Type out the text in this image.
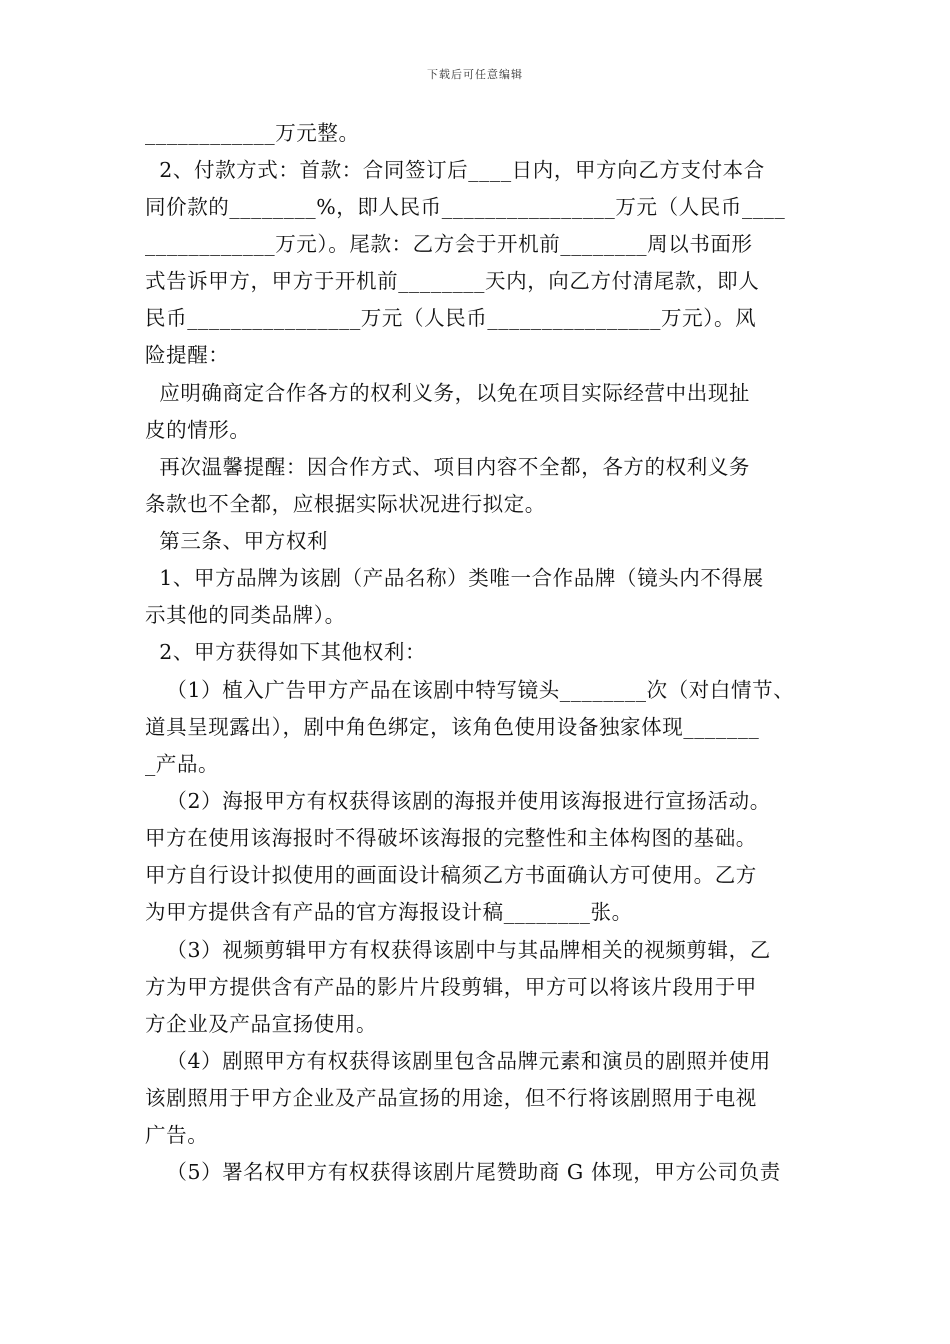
下载后可任意编辑
____________万元整。
2、付款方式：首款：合同签订后____日内，甲方向乙方支付本合
同价款的________%，即人民币________________万元（人民币____
____________万元）。尾款：乙方会于开机前________周以书面形
式告诉甲方，甲方于开机前________天内，向乙方付清尾款，即人
民币________________万元（人民币________________万元）。风
险提醒：
应明确商定合作各方的权利义务，以免在项目实际经营中出现扯
皮的情形。
再次温馨提醒：因合作方式、项目内容不全都，各方的权利义务
条款也不全都，应根据实际状况进行拟定。
第三条、甲方权利
1、甲方品牌为该剧（产品名称）类唯一合作品牌（镜头内不得展
示其他的同类品牌）。
2、甲方获得如下其他权利：
（1）植入广告甲方产品在该剧中特写镜头________次（对白情节、
道具呈现露出），剧中角色绑定，该角色使用设备独家体现_______
_产品。
（2）海报甲方有权获得该剧的海报并使用该海报进行宣扬活动。
甲方在使用该海报时不得破坏该海报的完整性和主体构图的基础。
甲方自行设计拟使用的画面设计稿须乙方书面确认方可使用。乙方
为甲方提供含有产品的官方海报设计稿________张。
（3）视频剪辑甲方有权获得该剧中与其品牌相关的视频剪辑，乙
方为甲方提供含有产品的影片片段剪辑，甲方可以将该片段用于甲
方企业及产品宣扬使用。
（4）剧照甲方有权获得该剧里包含品牌元素和演员的剧照并使用
该剧照用于甲方企业及产品宣扬的用途，但不行将该剧照用于电视
广告。
（5）署名权甲方有权获得该剧片尾赞助商 G 体现，甲方公司负责
